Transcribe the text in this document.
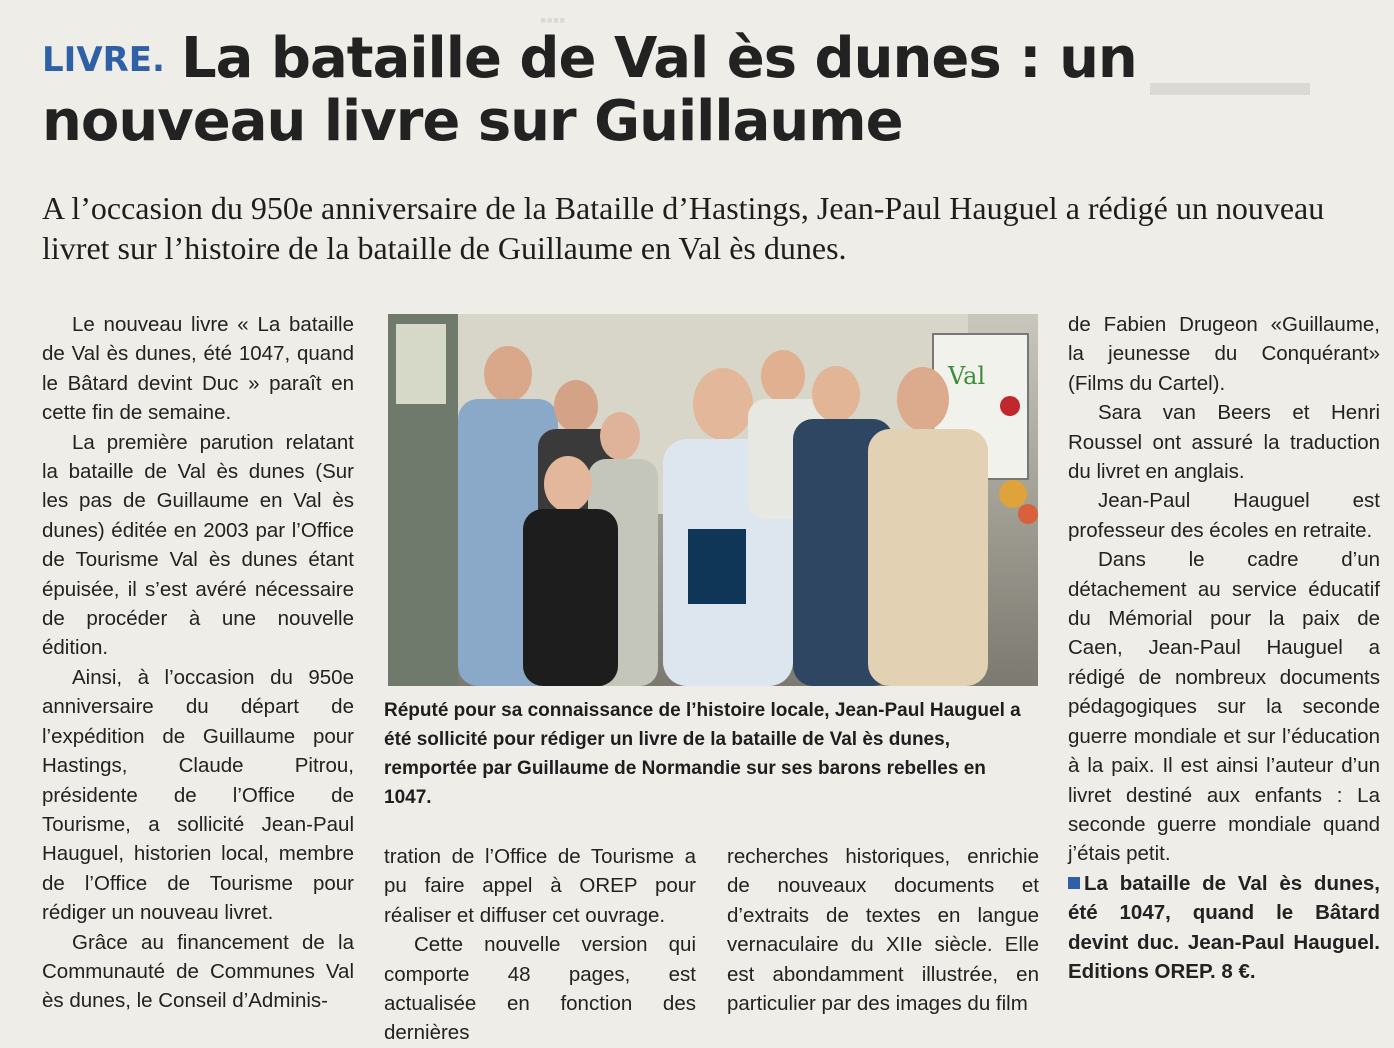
▬▬▬▬
▪▪▪▪
LIVRE. La bataille de Val ès dunes : un nouveau livre sur Guillaume
A l’occasion du 950e anniversaire de la Bataille d’Hastings, Jean-Paul Hauguel a rédigé un nouveau livret sur l’histoire de la bataille de Guillaume en Val ès dunes.

Le nouveau livre « La bataille de Val ès dunes, été 1047, quand le Bâtard devint Duc » paraît en cette fin de semaine.

La première parution relatant la bataille de Val ès dunes (Sur les pas de Guillaume en Val ès dunes) éditée en 2003 par l’Office de Tourisme Val ès dunes étant épuisée, il s’est avéré nécessaire de procéder à une nouvelle édition.

Ainsi, à l’occasion du 950e anniversaire du départ de l’expédition de Guillaume pour Hastings, Claude Pitrou, présidente de l’Office de Tourisme, a sollicité Jean-Paul Hauguel, historien local, membre de l’Office de Tourisme pour rédiger un nouveau livret.

Grâce au financement de la Communauté de Communes Val ès dunes, le Conseil d’Adminis-

Val
Réputé pour sa connaissance de l’histoire locale, Jean-Paul Hauguel a été sollicité pour rédiger un livre de la bataille de Val ès dunes, remportée par Guillaume de Normandie sur ses barons rebelles en 1047.

tration de l’Office de Tourisme a pu faire appel à OREP pour réaliser et diffuser cet ouvrage.

Cette nouvelle version qui comporte 48 pages, est actualisée en fonction des dernières

recherches historiques, enrichie de nouveaux documents et d’extraits de textes en langue vernaculaire du XIIe siècle. Elle est abondamment illustrée, en particulier par des images du film

de Fabien Drugeon «Guillaume, la jeunesse du Conquérant» (Films du Cartel).

Sara van Beers et Henri Roussel ont assuré la traduction du livret en anglais.

Jean-Paul Hauguel est professeur des écoles en retraite.

Dans le cadre d’un détachement au service éducatif du Mémorial pour la paix de Caen, Jean-Paul Hauguel a rédigé de nombreux documents pédagogiques sur la seconde guerre mondiale et sur l’éducation à la paix. Il est ainsi l’auteur d’un livret destiné aux enfants : La seconde guerre mondiale quand j’étais petit.

La bataille de Val ès dunes, été 1047, quand le Bâtard devint duc. Jean-Paul Hauguel. Editions OREP. 8 €.
